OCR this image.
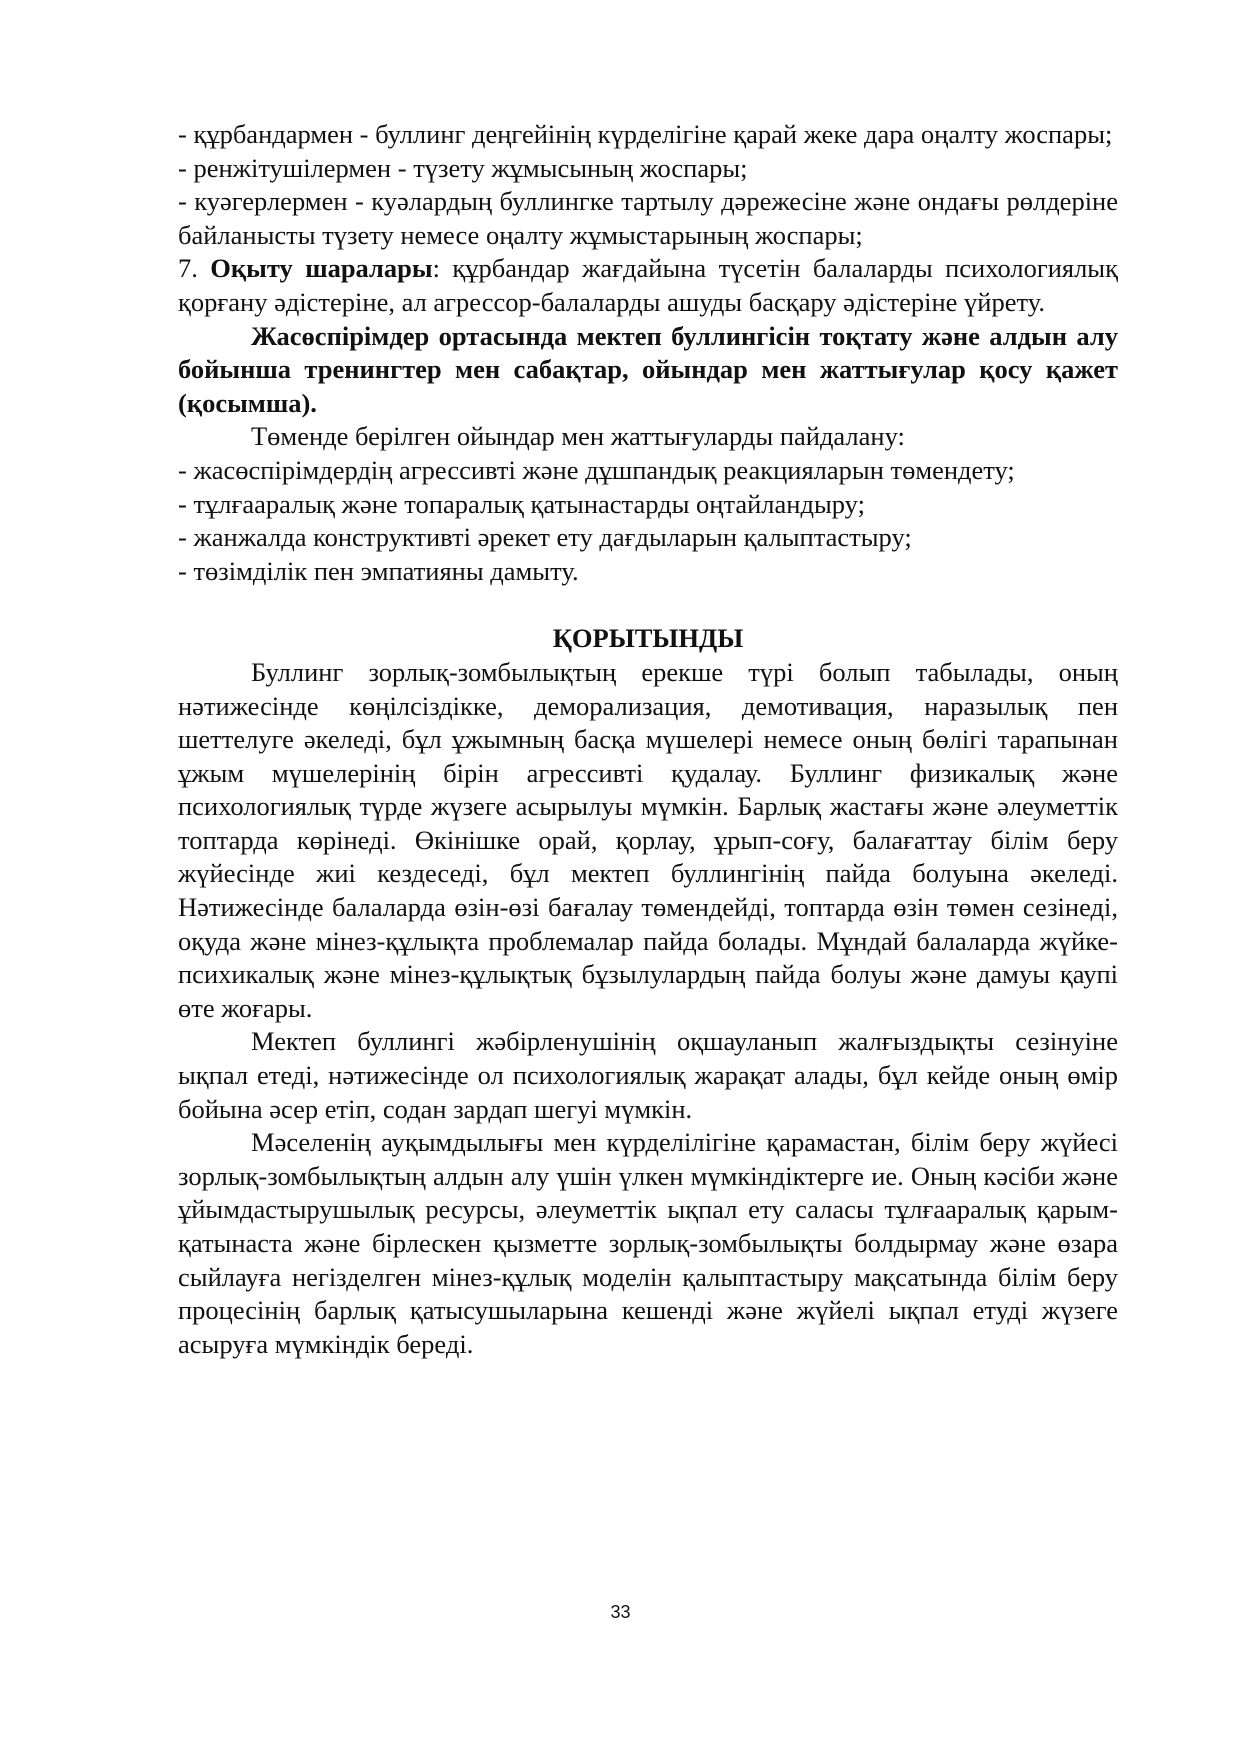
- құрбандармен - буллинг деңгейінің күрделігіне қарай жеке дара оңалту жоспары;

- ренжітушілермен - түзету жұмысының жоспары;

- куәгерлермен - куәлардың буллингке тартылу дәрежесіне және ондағы рөлдеріне байланысты түзету немесе оңалту жұмыстарының жоспары;

7. Оқыту шаралары: құрбандар жағдайына түсетін балаларды психологиялық қорғану әдістеріне, ал агрессор-балаларды ашуды басқару әдістеріне үйрету.

Жасөспірімдер ортасында мектеп буллингісін тоқтату және алдын алу бойынша тренингтер мен сабақтар, ойындар мен жаттығулар қосу қажет (қосымша).

Төменде берілген ойындар мен жаттығуларды пайдалану:

- жасөспірімдердің агрессивті және дұшпандық реакцияларын төмендету;

- тұлғааралық және топаралық қатынастарды оңтайландыру;

- жанжалда конструктивті әрекет ету дағдыларын қалыптастыру;

- төзімділік пен эмпатияны дамыту.

ҚОРЫТЫНДЫ

Буллинг зорлық-зомбылықтың ерекше түрі болып табылады, оның нәтижесінде көңілсіздікке, деморализация, демотивация, наразылық пен шеттелуге әкеледі, бұл ұжымның басқа мүшелері немесе оның бөлігі тарапынан ұжым мүшелерінің бірін агрессивті қудалау. Буллинг физикалық және психологиялық түрде жүзеге асырылуы мүмкін. Барлық жастағы және әлеуметтік топтарда көрінеді. Өкінішке орай, қорлау, ұрып-соғу, балағаттау білім беру жүйесінде жиі кездеседі, бұл мектеп буллингінің пайда болуына әкеледі. Нәтижесінде балаларда өзін-өзі бағалау төмендейді, топтарда өзін төмен сезінеді, оқуда және мінез-құлықта проблемалар пайда болады. Мұндай балаларда жүйке-психикалық және мінез-құлықтық бұзылулардың пайда болуы және дамуы қаупі өте жоғары.

Мектеп буллингі жәбірленушінің оқшауланып жалғыздықты сезінуіне ықпал етеді, нәтижесінде ол психологиялық жарақат алады, бұл кейде оның өмір бойына әсер етіп, содан зардап шегуі мүмкін.

Мәселенің ауқымдылығы мен күрделілігіне қарамастан, білім беру жүйесі зорлық-зомбылықтың алдын алу үшін үлкен мүмкіндіктерге ие. Оның кәсіби және ұйымдастырушылық ресурсы, әлеуметтік ықпал ету саласы тұлғааралық қарым-қатынаста және бірлескен қызметте зорлық-зомбылықты болдырмау және өзара сыйлауға негізделген мінез-құлық моделін қалыптастыру мақсатында білім беру процесінің барлық қатысушыларына кешенді және жүйелі ықпал етуді жүзеге асыруға мүмкіндік береді.

33
